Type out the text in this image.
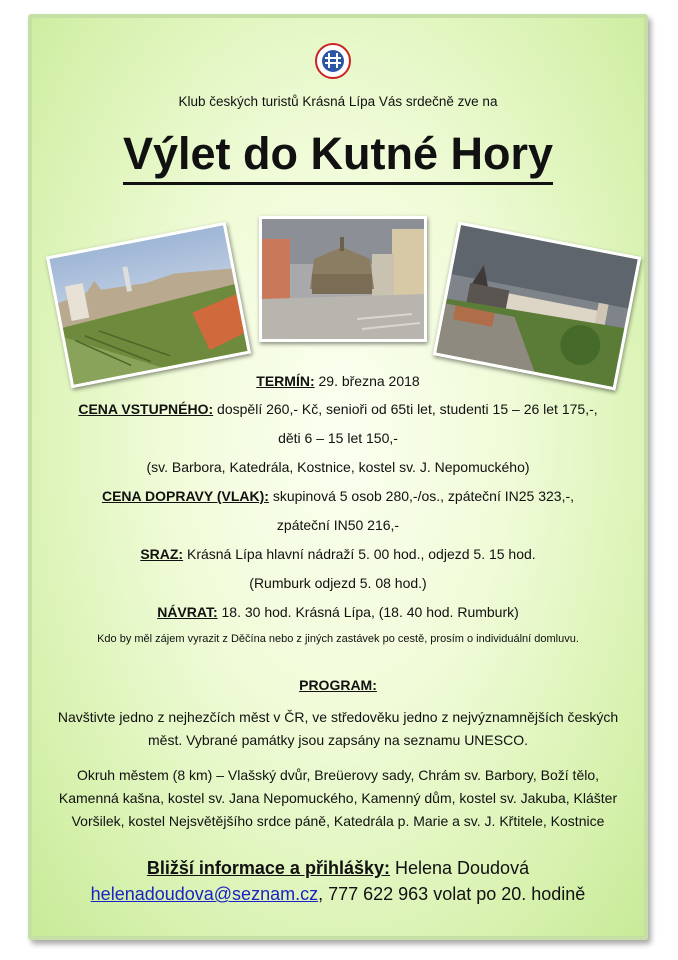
Klub českých turistů Krásná Lípa Vás srdečně zve na
Výlet do Kutné Hory
TERMÍN: 29. března 2018
CENA VSTUPNÉHO: dospělí 260,- Kč, senioři od 65ti let, studenti 15 – 26 let 175,-,
děti 6 – 15 let 150,-
(sv. Barbora, Katedrála, Kostnice, kostel sv. J. Nepomuckého)
CENA DOPRAVY (VLAK): skupinová 5 osob 280,-/os., zpáteční IN25 323,-,
zpáteční IN50 216,-
SRAZ: Krásná Lípa hlavní nádraží 5. 00 hod., odjezd 5. 15 hod.
(Rumburk odjezd 5. 08 hod.)
NÁVRAT: 18. 30 hod. Krásná Lípa, (18. 40 hod. Rumburk)
Kdo by měl zájem vyrazit z Děčína nebo z jiných zastávek po cestě, prosím o individuální domluvu.
PROGRAM:
Navštivte jedno z nejhezčích měst v ČR, ve středověku jedno z nejvýznamnějších českých měst. Vybrané památky jsou zapsány na seznamu UNESCO.
Okruh městem (8 km) – Vlašský dvůr, Breüerovy sady, Chrám sv. Barbory, Boží tělo, Kamenná kašna, kostel sv. Jana Nepomuckého, Kamenný dům, kostel sv. Jakuba, Klášter Voršilek, kostel Nejsvětějšího srdce páně, Katedrála p. Marie a sv. J. Křtitele, Kostnice
Bližší informace a přihlášky: Helena Doudová
helenadoudova@seznam.cz, 777 622 963 volat po 20. hodině
